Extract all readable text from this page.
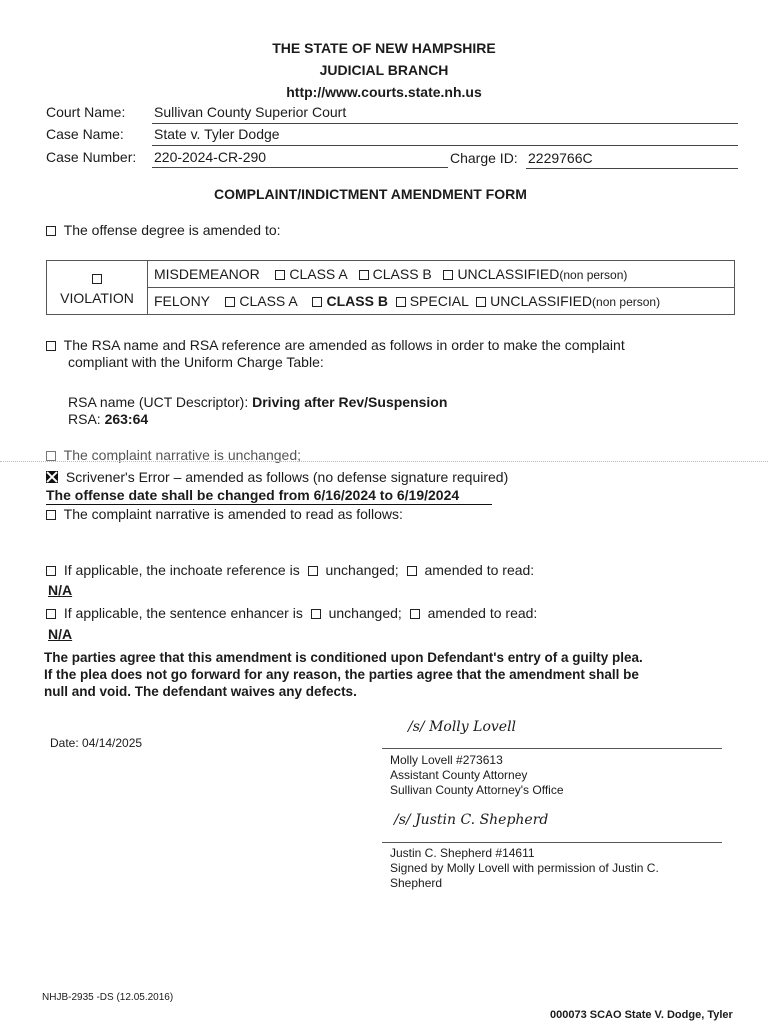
THE STATE OF NEW HAMPSHIRE
JUDICIAL BRANCH
http://www.courts.state.nh.us
Court Name: Sullivan County Superior Court
Case Name: State v. Tyler Dodge
Case Number: 220-2024-CR-290	Charge ID: 2229766C
COMPLAINT/INDICTMENT AMENDMENT FORM
The offense degree is amended to:

VIOLATION	MISDEMEANOR CLASS A CLASS B UNCLASSIFIED(non person)
FELONY CLASS A CLASS B SPECIAL UNCLASSIFIED(non person)
The RSA name and RSA reference are amended as follows in order to make the complaint
compliant with the Uniform Charge Table:
RSA name (UCT Descriptor): Driving after Rev/Suspension
RSA: 263:64
The complaint narrative is unchanged;
Scrivener's Error – amended as follows (no defense signature required)
The offense date shall be changed from 6/16/2024 to 6/19/2024
The complaint narrative is amended to read as follows:
If applicable, the inchoate reference is unchanged; amended to read:
N/A
If applicable, the sentence enhancer is unchanged; amended to read:
N/A
The parties agree that this amendment is conditioned upon Defendant's entry of a guilty plea.
If the plea does not go forward for any reason, the parties agree that the amendment shall be
null and void. The defendant waives any defects.
Date: 04/14/2025
/s/ Molly Lovell
Molly Lovell #273613
Assistant County Attorney
Sullivan County Attorney's Office
/s/ Justin C. Shepherd
Justin C. Shepherd #14611
Signed by Molly Lovell with permission of Justin C.
Shepherd
NHJB-2935 -DS (12.05.2016)
000073 SCAO State V. Dodge, Tyler
